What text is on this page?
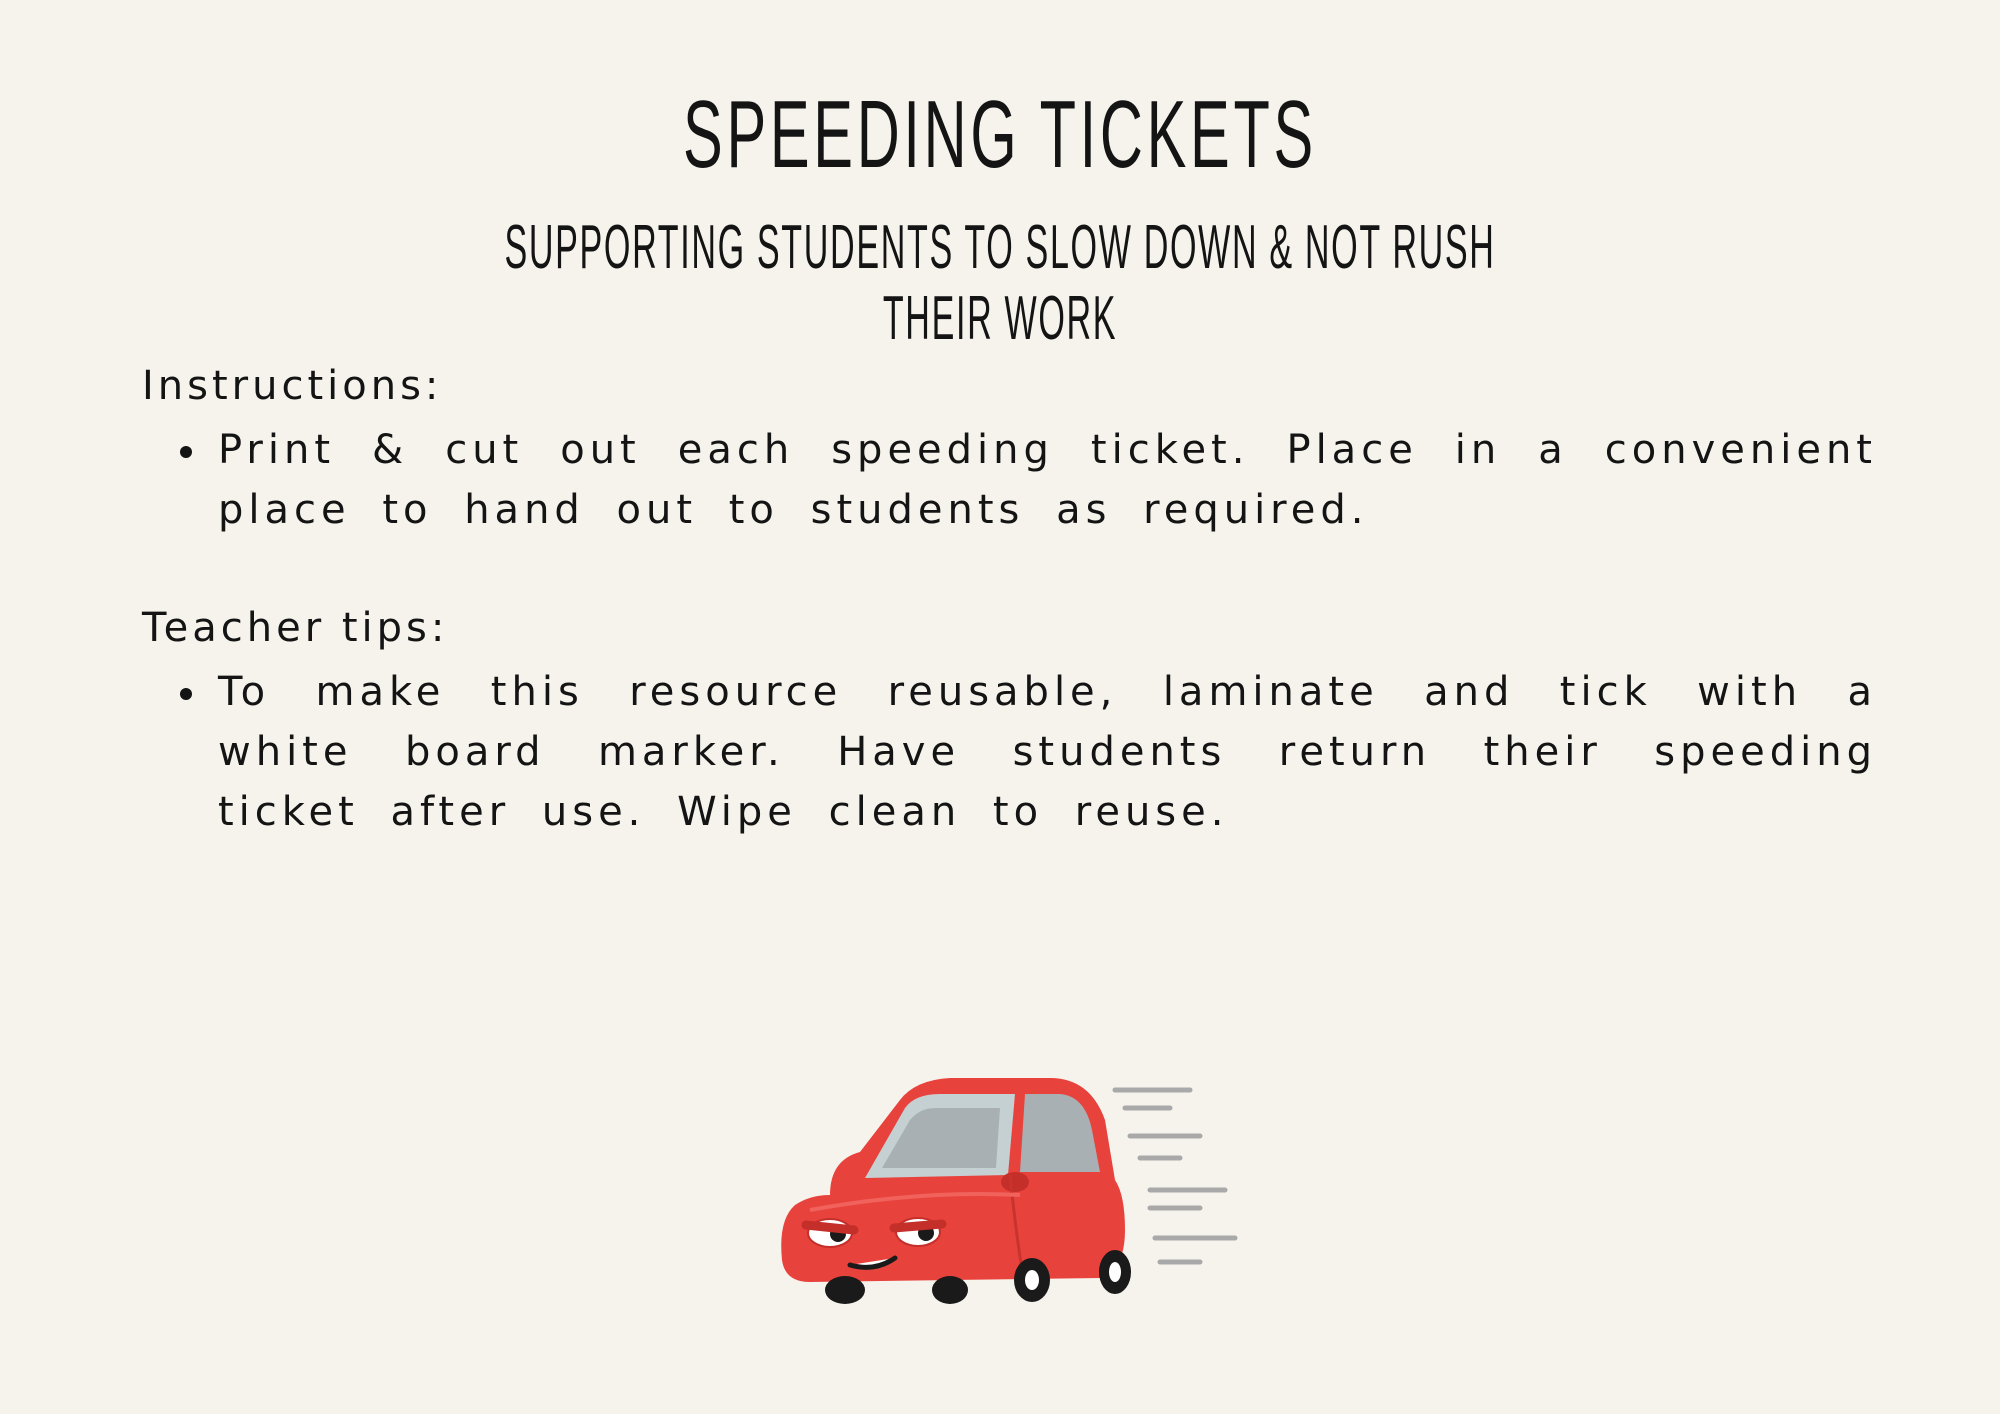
SPEEDING TICKETS
SUPPORTING STUDENTS TO SLOW DOWN & NOT RUSH THEIR WORK
Instructions:
Print & cut out each speeding ticket. Place in a convenient place to hand out to students as required.
Teacher tips:
To make this resource reusable, laminate and tick with a white board marker. Have students return their speeding ticket after use. Wipe clean to reuse.
